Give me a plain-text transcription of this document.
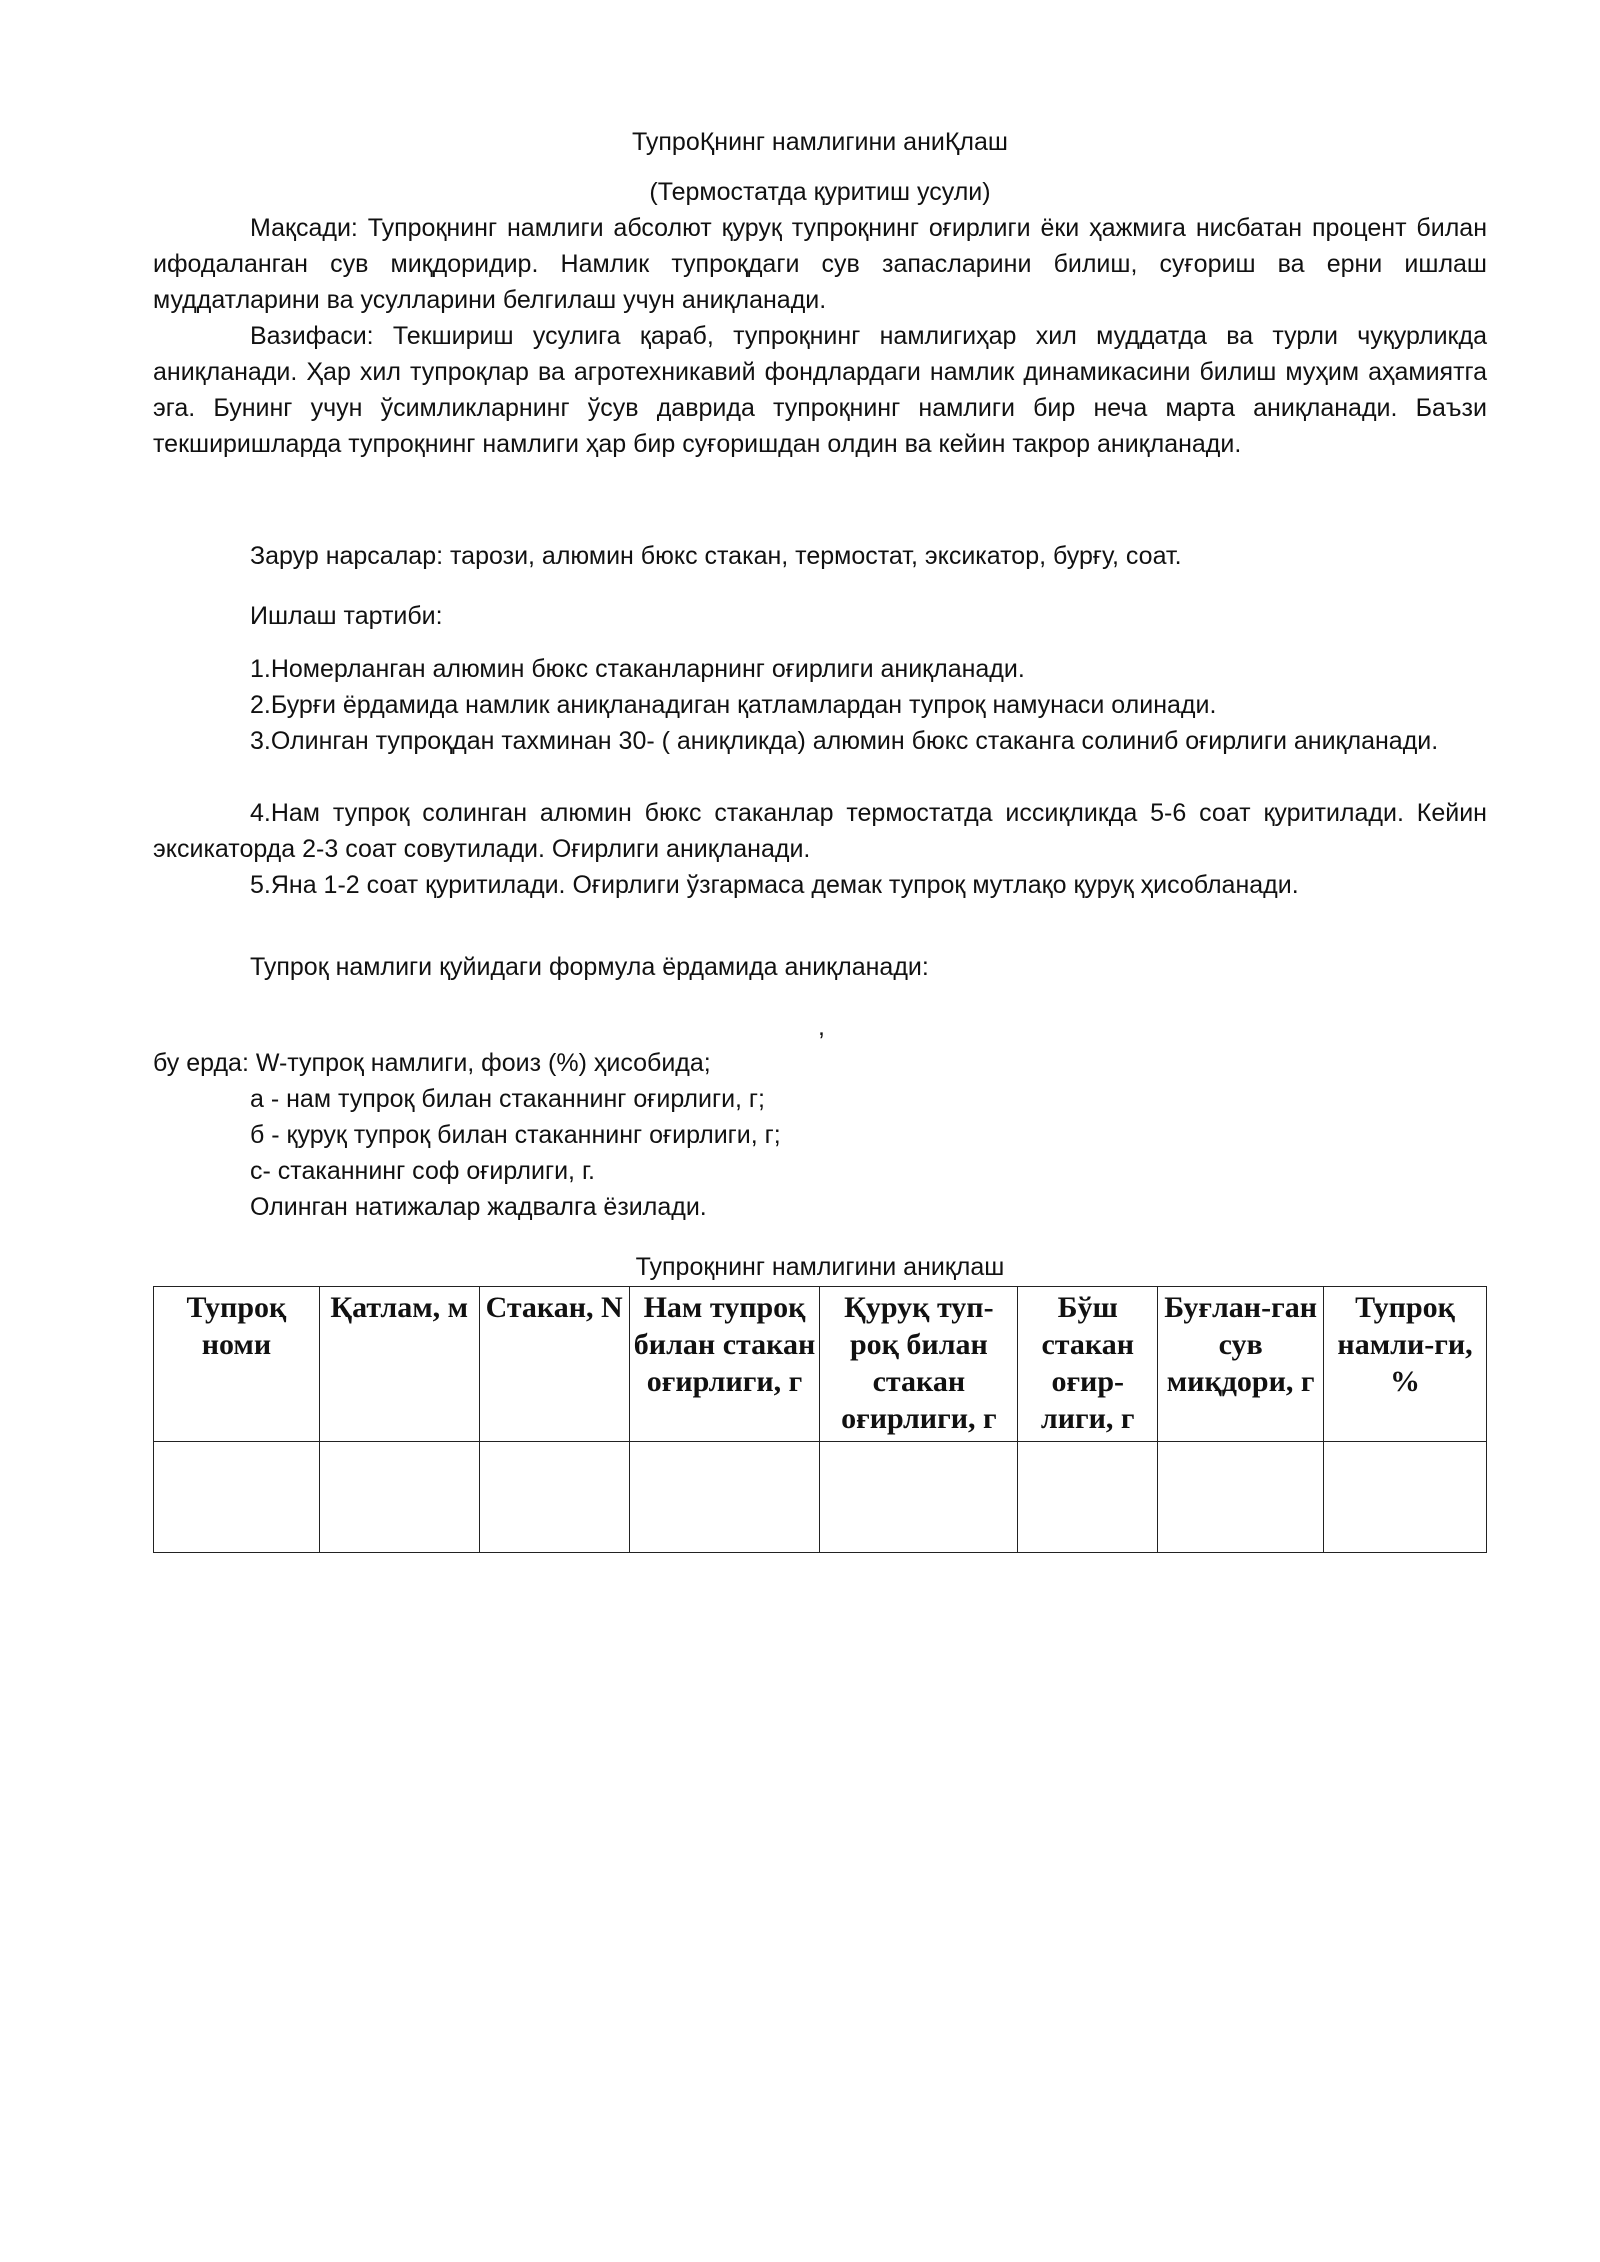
ТупроҚнинг намлигини аниҚлаш
(Термостатда қуритиш усули)
Мақсади: Тупроқнинг намлиги абсолют қуруқ тупроқнинг оғирлиги ёки ҳажмига нисбатан процент билан ифодаланган сув миқдоридир. Намлик тупроқдаги сув запасларини билиш, суғориш ва ерни ишлаш муддатларини ва усулларини белгилаш учун аниқланади.
Вазифаси: Текшириш усулига қараб, тупроқнинг намлигиҳар хил муддатда ва турли чуқурликда аниқланади. Ҳар хил тупроқлар ва агротехникавий фондлардаги намлик динамикасини билиш муҳим аҳамиятга эга. Бунинг учун ўсимликларнинг ўсув даврида тупроқнинг намлиги бир неча марта аниқланади. Баъзи текширишларда тупроқнинг намлиги ҳар бир суғоришдан олдин ва кейин такрор аниқланади.
Зарур нарсалар: тарози, алюмин бюкс стакан, термостат, эксикатор, бурғу, соат.
Ишлаш тартиби:
1.Номерланган алюмин бюкс стаканларнинг оғирлиги аниқланади.
2.Бурғи ёрдамида намлик аниқланадиган қатламлардан тупроқ намунаси олинади.
3.Олинган тупроқдан тахминан 30- ( аниқликда) алюмин бюкс стаканга солиниб оғирлиги аниқланади.
4.Нам тупроқ солинган алюмин бюкс стаканлар термостатда иссиқликда 5-6 соат қуритилади. Кейин эксикаторда 2-3 соат совутилади. Оғирлиги аниқланади.
5.Яна 1-2 соат қуритилади. Оғирлиги ўзгармаса демак тупроқ мутлақо қуруқ ҳисобланади.
Тупроқ намлиги қуйидаги формула ёрдамида аниқланади:
,
бу ерда: W-тупроқ намлиги, фоиз (%) ҳисобида;
а - нам тупроқ билан стаканнинг оғирлиги, г;
б - қуруқ тупроқ билан стаканнинг оғирлиги, г;
с- стаканнинг соф оғирлиги, г.
Олинган натижалар жадвалга ёзилади.
Тупроқнинг намлигини аниқлаш
Тупроқ номи	Қатлам, м	Стакан, N	Нам тупроқ билан стакан оғирлиги, г	Қуруқ туп-роқ билан стакан оғирлиги, г	Бўш стакан оғир-лиги, г	Буғлан-ган сув миқдори, г	Тупроқ намли-ги, %
